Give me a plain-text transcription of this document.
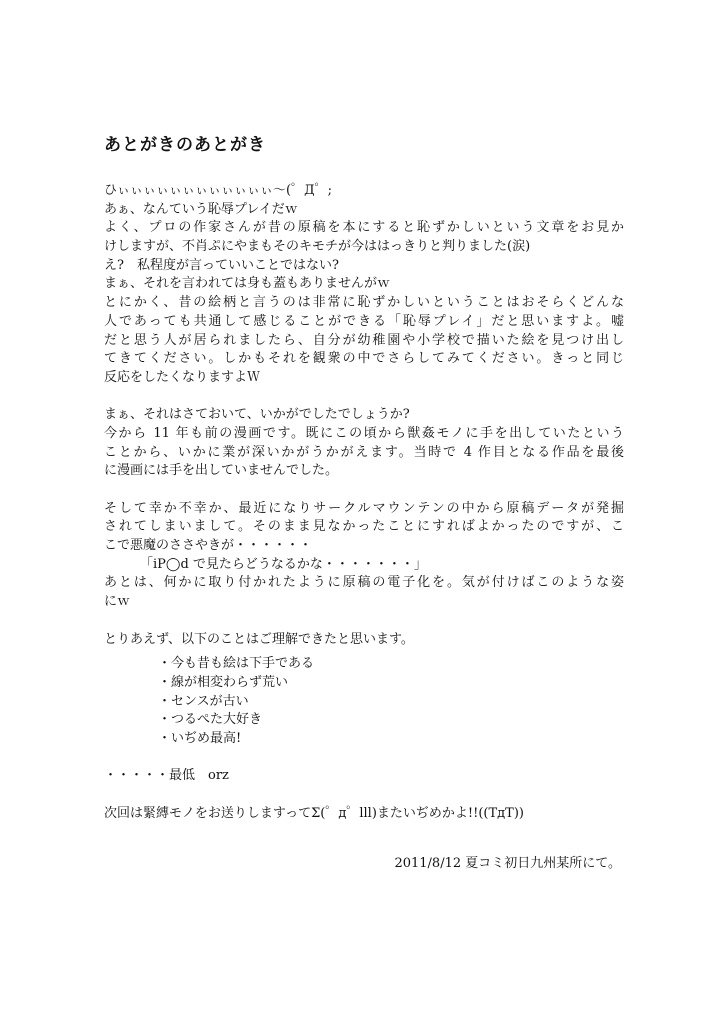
あとがきのあとがき
ひぃぃぃぃぃぃぃぃぃぃぃぃ～(゜Д゜;
あぁ、なんていう恥辱プレイだｗ
よく、プロの作家さんが昔の原稿を本にすると恥ずかしいという文章をお見か
けしますが、不肖ぷにやまもそのキモチが今ははっきりと判りました(涙)
え?　私程度が言っていいことではない?
まぁ、それを言われては身も蓋もありませんがｗ
とにかく、昔の絵柄と言うのは非常に恥ずかしいということはおそらくどんな
人であっても共通して感じることができる「恥辱プレイ」だと思いますよ。嘘
だと思う人が居られましたら、自分が幼稚園や小学校で描いた絵を見つけ出し
てきてください。しかもそれを観衆の中でさらしてみてください。きっと同じ
反応をしたくなりますよＷ
まぁ、それはさておいて、いかがでしたでしょうか?
今から 11 年も前の漫画です。既にこの頃から獣姦モノに手を出していたという
ことから、いかに業が深いかがうかがえます。当時で 4 作目となる作品を最後
に漫画には手を出していませんでした。
そして幸か不幸か、最近になりサークルマウンテンの中から原稿データが発掘
されてしまいまして。そのまま見なかったことにすればよかったのですが、こ
こで悪魔のささやきが・・・・・・
「iP◯d で見たらどうなるかな・・・・・・・」
あとは、何かに取り付かれたように原稿の電子化を。気が付けばこのような姿
にｗ
とりあえず、以下のことはご理解できたと思います。
・今も昔も絵は下手である
・線が相変わらず荒い
・センスが古い
・つるぺた大好き
・いぢめ最高!
・・・・・最低　orz
次回は緊縛モノをお送りしますってΣ(゜д゜lll)またいぢめかよ!!((TдT))
2011/8/12 夏コミ初日九州某所にて。
